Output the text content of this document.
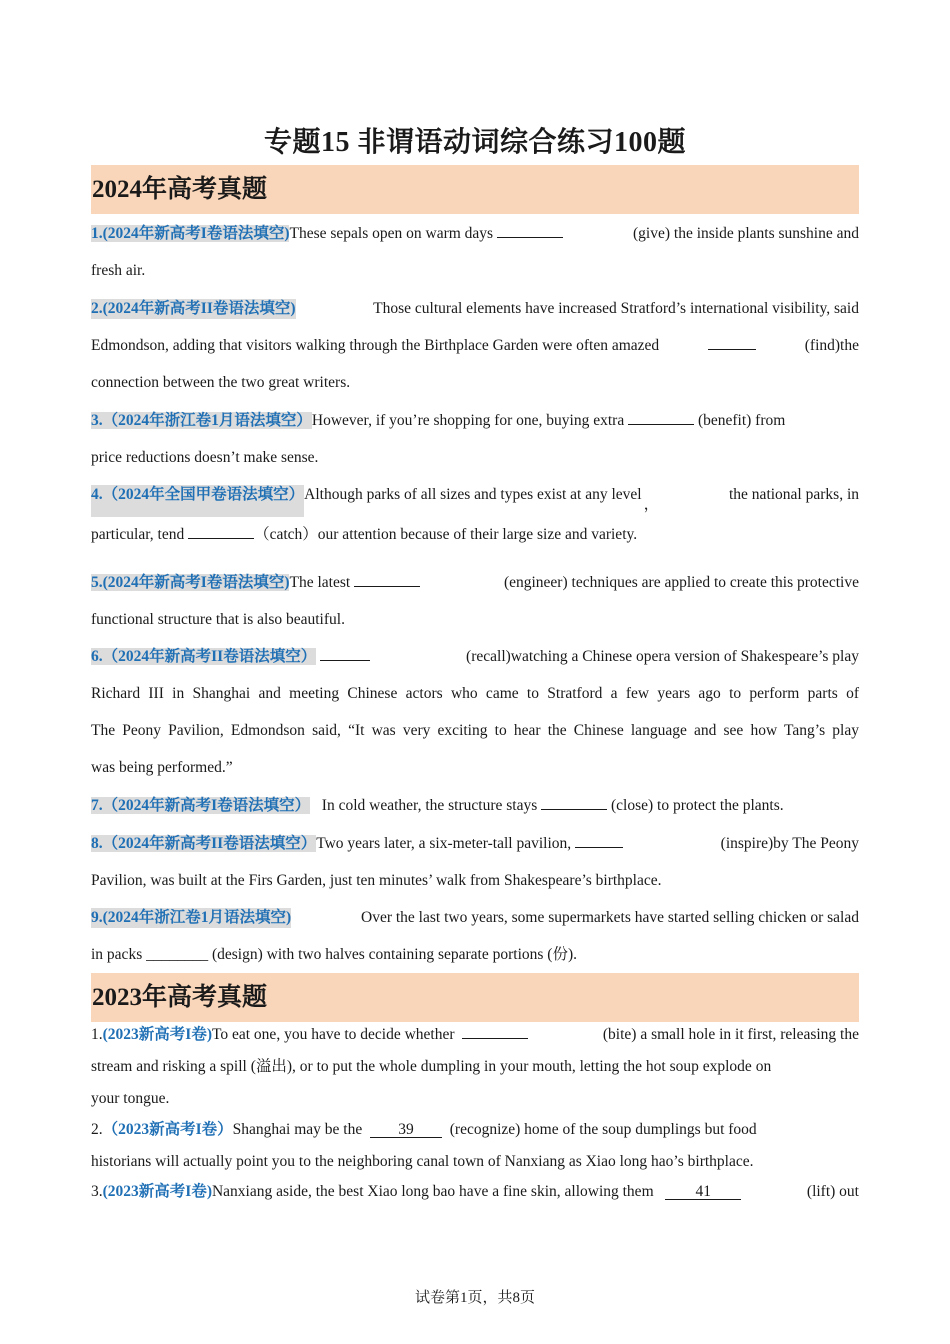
专题15 非谓语动词综合练习100题
2024年高考真题
1.(2024年新高考I卷语法填空)These sepals open on warm days	(give) the inside plants sunshine and
fresh air.
2.(2024年新高考II卷语法填空)	Those cultural elements have increased Stratford’s international visibility, said
Edmondson, adding that visitors walking through the Birthplace Garden were often amazed	(find)the
connection between the two great writers.
3.（2024年浙江卷1月语法填空）However, if you’re shopping for one, buying extra	(benefit) from
price reductions doesn’t make sense.
4.（2024年全国甲卷语法填空）Although parks of all sizes and types exist at any level，
the national parks, in
particular, tend	（catch）our attention because of their large size and variety.
5.(2024年新高考I卷语法填空)The latest	(engineer) techniques are applied to create this protective
functional structure that is also beautiful.
6.（2024年新高考II卷语法填空）	(recall)watching a Chinese opera version of Shakespeare’s play
Richard III in Shanghai and meeting Chinese actors who came to Stratford a few years ago to perform parts of
The Peony Pavilion, Edmondson said, “It was very exciting to hear the Chinese language and see how Tang’s play
was being performed.”
7.（2024年新高考I卷语法填空） In cold weather, the structure stays	(close) to protect the plants.
8.（2024年新高考II卷语法填空）Two years later, a six-meter-tall pavilion,	(inspire)by The Peony
Pavilion, was built at the Firs Garden, just ten minutes’ walk from Shakespeare’s birthplace.
9.(2024年浙江卷1月语法填空)	Over the last two years, some supermarkets have started selling chicken or salad
in packs ________ (design) with two halves containing separate portions (份).
2023年高考真题
1.(2023新高考I卷)To eat one, you have to decide whether	(bite) a small hole in it first, releasing the
stream and risking a spill (溢出), or to put the whole dumpling in your mouth, letting the hot soup explode on
your tongue.
2.（2023新高考I卷）Shanghai may be the 39 (recognize) home of the soup dumplings but food
historians will actually point you to the neighboring canal town of Nanxiang as Xiao long hao’s birthplace.
3.(2023新高考I卷)Nanxiang aside, the best Xiao long bao have a fine skin, allowing them	41	(lift) out
试卷第1页，共8页
